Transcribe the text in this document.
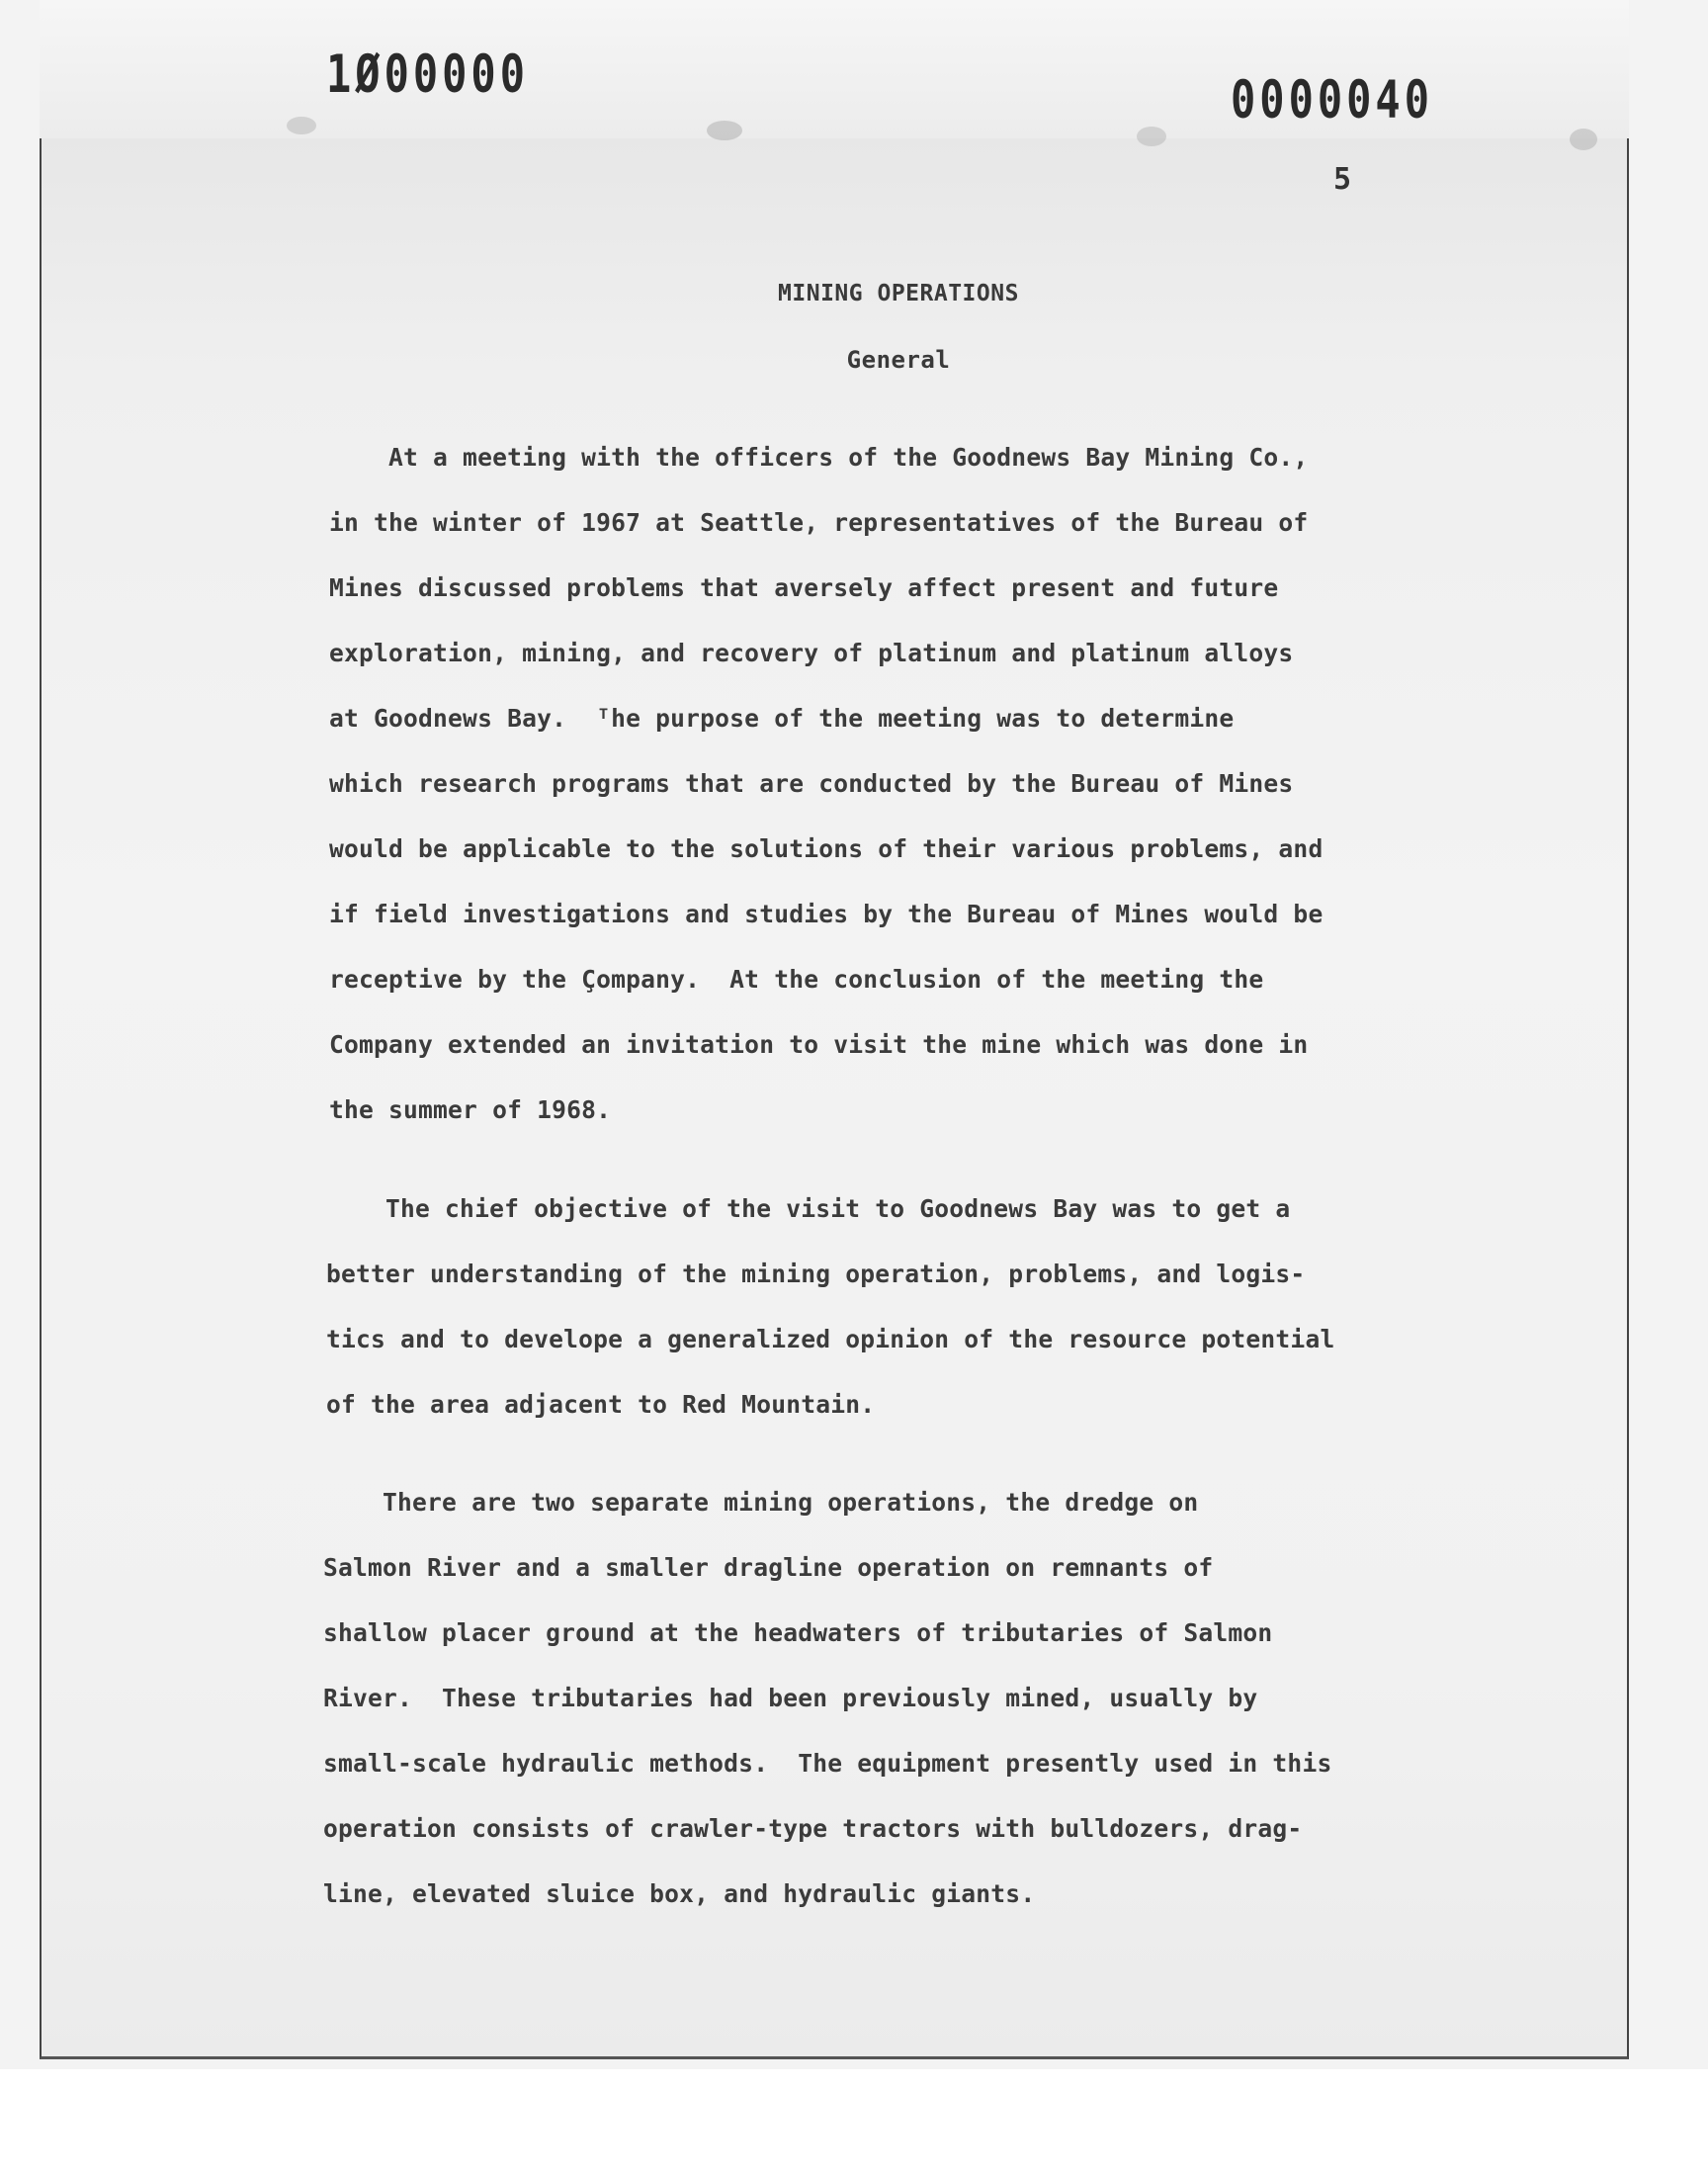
1Ø00000	0000040
5
MINING OPERATIONS
General
At a meeting with the officers of the Goodnews Bay Mining Co.,
in the winter of 1967 at Seattle, representatives of the Bureau of
Mines discussed problems that aversely affect present and future
exploration, mining, and recovery of platinum and platinum alloys
at Goodnews Bay.  ᵀhe purpose of the meeting was to determine
which research programs that are conducted by the Bureau of Mines
would be applicable to the solutions of their various problems, and
if field investigations and studies by the Bureau of Mines would be
receptive by the Çompany.  At the conclusion of the meeting the
Company extended an invitation to visit the mine which was done in
the summer of 1968.
The chief objective of the visit to Goodnews Bay was to get a
better understanding of the mining operation, problems, and logis-
tics and to develope a generalized opinion of the resource potential
of the area adjacent to Red Mountain.
There are two separate mining operations, the dredge on
Salmon River and a smaller dragline operation on remnants of
shallow placer ground at the headwaters of tributaries of Salmon
River.  These tributaries had been previously mined, usually by
small-scale hydraulic methods.  The equipment presently used in this
operation consists of crawler-type tractors with bulldozers, drag-
line, elevated sluice box, and hydraulic giants.
